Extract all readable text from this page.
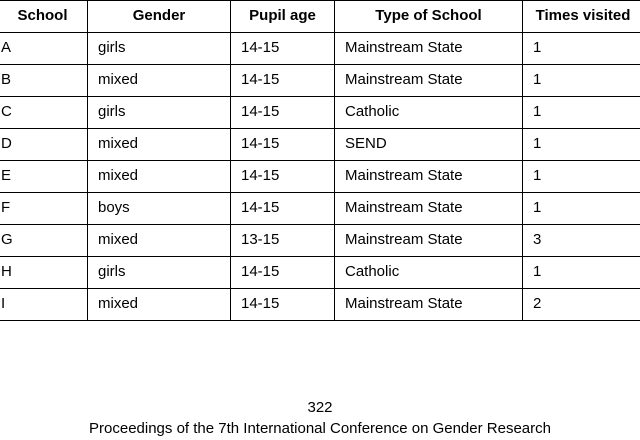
School	Gender	Pupil age	Type of School	Times visited
A	girls	14-15	Mainstream State	1
B	mixed	14-15	Mainstream State	1
C	girls	14-15	Catholic	1
D	mixed	14-15	SEND	1
E	mixed	14-15	Mainstream State	1
F	boys	14-15	Mainstream State	1
G	mixed	13-15	Mainstream State	3
H	girls	14-15	Catholic	1
I	mixed	14-15	Mainstream State	2
322
Proceedings of the 7th International Conference on Gender Research
